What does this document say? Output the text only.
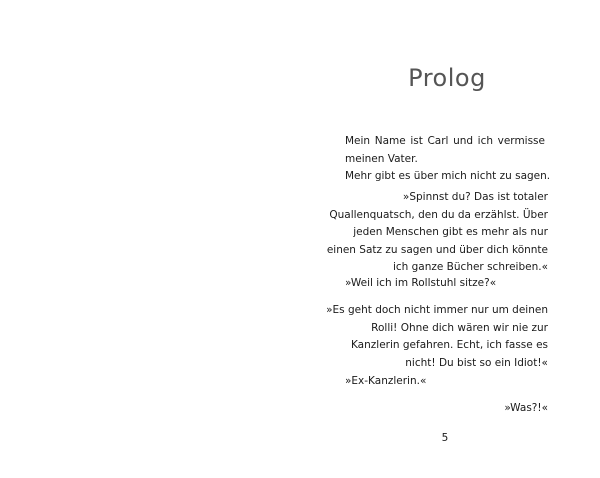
Prolog
Mein Name ist Carl und ich vermisse
meinen Vater.
Mehr gibt es über mich nicht zu sagen.
»Spinnst du? Das ist totaler
Quallenquatsch, den du da erzählst. Über
jeden Menschen gibt es mehr als nur
einen Satz zu sagen und über dich könnte
ich ganze Bücher schreiben.«
»Weil ich im Rollstuhl sitze?«
»Es geht doch nicht immer nur um deinen
Rolli! Ohne dich wären wir nie zur
Kanzlerin gefahren. Echt, ich fasse es
nicht! Du bist so ein Idiot!«
»Ex-Kanzlerin.«
»Was?!«
5
